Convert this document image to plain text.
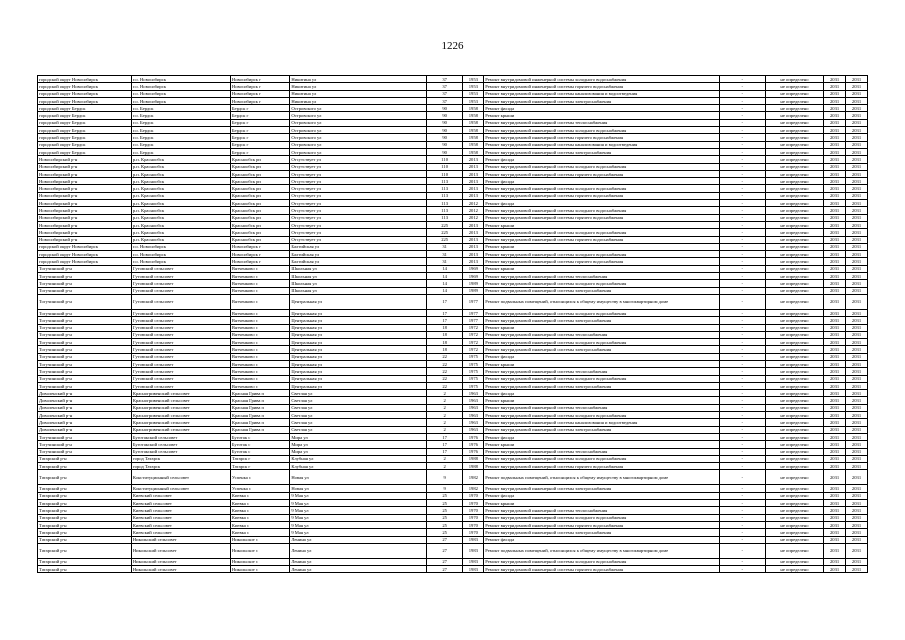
1226
городской округ Новосибирск	г.о. Новосибирск	Новосибирск г	Никитина ул	37	1953	Ремонт внутридомовой инженерной системы холодного водоснабжения	-	не определено	2031	2031
городской округ Новосибирск	г.о. Новосибирск	Новосибирск г	Никитина ул	37	1953	Ремонт внутридомовой инженерной системы горячего водоснабжения	-	не определено	2031	2031
городской округ Новосибирск	г.о. Новосибирск	Новосибирск г	Никитина ул	37	1953	Ремонт внутридомовой инженерной системы канализования и водоотведения	-	не определено	2031	2031
городской округ Новосибирск	г.о. Новосибирск	Новосибирск г	Никитина ул	37	1953	Ремонт внутридомовой инженерной системы электроснабжения	-	не определено	2031	2031
городской округ Бердск	г.о. Бердск	Бердск г	Островского ул	90	1958	Ремонт фасада	-	не определено	2031	2031
городской округ Бердск	г.о. Бердск	Бердск г	Островского ул	90	1958	Ремонт крыши	-	не определено	2031	2031
городской округ Бердск	г.о. Бердск	Бердск г	Островского ул	90	1958	Ремонт внутридомовой инженерной системы теплоснабжения	-	не определено	2031	2031
городской округ Бердск	г.о. Бердск	Бердск г	Островского ул	90	1958	Ремонт внутридомовой инженерной системы холодного водоснабжения	-	не определено	2031	2031
городской округ Бердск	г.о. Бердск	Бердск г	Островского ул	90	1958	Ремонт внутридомовой инженерной системы горячего водоснабжения	-	не определено	2031	2031
городской округ Бердск	г.о. Бердск	Бердск г	Островского ул	90	1958	Ремонт внутридомовой инженерной системы канализования и водоотведения	-	не определено	2031	2031
городской округ Бердск	г.о. Бердск	Бердск г	Островского ул	90	1958	Ремонт внутридомовой инженерной системы электроснабжения	-	не определено	2031	2031
Новосибирский р-н	р.п. Краснообск	Краснообск рп	Отсутствует ул	110	2013	Ремонт фасада	-	не определено	2031	2031
Новосибирский р-н	р.п. Краснообск	Краснообск рп	Отсутствует ул	110	2013	Ремонт внутридомовой инженерной системы холодного водоснабжения	-	не определено	2031	2031
Новосибирский р-н	р.п. Краснообск	Краснообск рп	Отсутствует ул	110	2013	Ремонт внутридомовой инженерной системы горячего водоснабжения	-	не определено	2031	2031
Новосибирский р-н	р.п. Краснообск	Краснообск рп	Отсутствует ул	113	2013	Ремонт фасада	-	не определено	2031	2031
Новосибирский р-н	р.п. Краснообск	Краснообск рп	Отсутствует ул	113	2013	Ремонт внутридомовой инженерной системы холодного водоснабжения	-	не определено	2031	2031
Новосибирский р-н	р.п. Краснообск	Краснообск рп	Отсутствует ул	113	2013	Ремонт внутридомовой инженерной системы горячего водоснабжения	-	не определено	2031	2031
Новосибирский р-н	р.п. Краснообск	Краснообск рп	Отсутствует ул	113	2012	Ремонт фасада	-	не определено	2031	2031
Новосибирский р-н	р.п. Краснообск	Краснообск рп	Отсутствует ул	113	2012	Ремонт внутридомовой инженерной системы холодного водоснабжения	-	не определено	2031	2031
Новосибирский р-н	р.п. Краснообск	Краснообск рп	Отсутствует ул	113	2012	Ремонт внутридомовой инженерной системы горячего водоснабжения	-	не определено	2031	2031
Новосибирский р-н	р.п. Краснообск	Краснообск рп	Отсутствует ул	225	2013	Ремонт крыши	-	не определено	2031	2031
Новосибирский р-н	р.п. Краснообск	Краснообск рп	Отсутствует ул	225	2013	Ремонт внутридомовой инженерной системы холодного водоснабжения	-	не определено	2031	2031
Новосибирский р-н	р.п. Краснообск	Краснообск рп	Отсутствует ул	225	2013	Ремонт внутридомовой инженерной системы горячего водоснабжения	-	не определено	2031	2031
городской округ Новосибирск	г.о. Новосибирск	Новосибирск г	Балтийская ул	31	2013	Ремонт крыши	-	не определено	2031	2031
городской округ Новосибирск	г.о. Новосибирск	Новосибирск г	Балтийская ул	31	2013	Ремонт внутридомовой инженерной системы холодного водоснабжения	-	не определено	2031	2031
городской округ Новосибирск	г.о. Новосибирск	Новосибирск г	Балтийская ул	31	2013	Ремонт внутридомовой инженерной системы горячего водоснабжения	-	не определено	2031	2031
Тогучинский р-н	Гутовский сельсовет	Вятченково с	Школьная ул	14	1969	Ремонт крыши	-	не определено	2031	2031
Тогучинский р-н	Гутовский сельсовет	Вятченково с	Школьная ул	14	1969	Ремонт внутридомовой инженерной системы теплоснабжения	-	не определено	2031	2031
Тогучинский р-н	Гутовский сельсовет	Вятченково с	Школьная ул	14	1989	Ремонт внутридомовой инженерной системы холодного водоснабжения	-	не определено	2031	2031
Тогучинский р-н	Гутовский сельсовет	Вятченково с	Школьная ул	14	1989	Ремонт внутридомовой инженерной системы электроснабжения	-	не определено	2031	2031
Тогучинский р-н	Гутовский сельсовет	Вятченково с	Центральная ул	17	1977	Ремонт подвальных помещений, относящихся к общему имуществу в многоквартирном доме	-	не определено	2031	2031
Тогучинский р-н	Гутовский сельсовет	Вятченково с	Центральная ул	17	1977	Ремонт внутридомовой инженерной системы холодного водоснабжения	-	не определено	2031	2031
Тогучинский р-н	Гутовский сельсовет	Вятченково с	Центральная ул	17	1977	Ремонт внутридомовой инженерной системы электроснабжения	-	не определено	2031	2031
Тогучинский р-н	Гутовский сельсовет	Вятченково с	Центральная ул	18	1972	Ремонт крыши	-	не определено	2031	2031
Тогучинский р-н	Гутовский сельсовет	Вятченково с	Центральная ул	18	1972	Ремонт внутридомовой инженерной системы теплоснабжения	-	не определено	2031	2031
Тогучинский р-н	Гутовский сельсовет	Вятченково с	Центральная ул	18	1972	Ремонт внутридомовой инженерной системы холодного водоснабжения	-	не определено	2031	2031
Тогучинский р-н	Гутовский сельсовет	Вятченково с	Центральная ул	18	1972	Ремонт внутридомовой инженерной системы электроснабжения	-	не определено	2031	2031
Тогучинский р-н	Гутовский сельсовет	Вятченково с	Центральная ул	22	1975	Ремонт фасада	-	не определено	2031	2031
Тогучинский р-н	Гутовский сельсовет	Вятченково с	Центральная ул	22	1975	Ремонт крыши	-	не определено	2031	2031
Тогучинский р-н	Гутовский сельсовет	Вятченково с	Центральная ул	22	1975	Ремонт внутридомовой инженерной системы теплоснабжения	-	не определено	2031	2031
Тогучинский р-н	Гутовский сельсовет	Вятченково с	Центральная ул	22	1975	Ремонт внутридомовой инженерной системы холодного водоснабжения	-	не определено	2031	2031
Тогучинский р-н	Гутовский сельсовет	Вятченково с	Центральная ул	22	1975	Ремонт внутридомовой инженерной системы электроснабжения	-	не определено	2031	2031
Доволенский р-н	Красногривенский сельсовет	Красная Грива п	Светлая ул	2	1963	Ремонт фасада	-	не определено	2031	2031
Доволенский р-н	Красногривенский сельсовет	Красная Грива п	Светлая ул	2	1963	Ремонт крыши	-	не определено	2031	2031
Доволенский р-н	Красногривенский сельсовет	Красная Грива п	Светлая ул	2	1963	Ремонт внутридомовой инженерной системы теплоснабжения	-	не определено	2031	2031
Доволенский р-н	Красногривенский сельсовет	Красная Грива п	Светлая ул	2	1963	Ремонт внутридомовой инженерной системы холодного водоснабжения	-	не определено	2031	2031
Доволенский р-н	Красногривенский сельсовет	Красная Грива п	Светлая ул	2	1963	Ремонт внутридомовой инженерной системы канализования и водоотведения	-	не определено	2031	2031
Доволенский р-н	Красногривенский сельсовет	Красная Грива п	Светлая ул	2	1963	Ремонт внутридомовой инженерной системы электроснабжения	-	не определено	2031	2031
Тогучинский р-н	Буготакский сельсовет	Буготак с	Мира ул	17	1976	Ремонт фасада	-	не определено	2031	2031
Тогучинский р-н	Буготакский сельсовет	Буготак с	Мира ул	17	1976	Ремонт крыши	-	не определено	2031	2031
Тогучинский р-н	Буготакский сельсовет	Буготак с	Мира ул	17	1976	Ремонт внутридомовой инженерной системы теплоснабжения	-	не определено	2031	2031
Татарский р-н	город Татарск	Татарск г	Клубная ул	2	1988	Ремонт внутридомовой инженерной системы холодного водоснабжения	-	не определено	2031	2031
Татарский р-н	город Татарск	Татарск г	Клубная ул	2	1988	Ремонт внутридомовой инженерной системы горячего водоснабжения	-	не определено	2031	2031
Татарский р-н	Конституционный сельсовет	Успенка с	Новая ул	9	1982	Ремонт подвальных помещений, относящихся к общему имуществу в многоквартирном доме	-	не определено	2031	2031
Татарский р-н	Конституционный сельсовет	Успенка с	Новая ул	9	1982	Ремонт внутридомовой инженерной системы электроснабжения	-	не определено	2031	2031
Татарский р-н	Киевский сельсовет	Киевка с	9 Мая ул	25	1970	Ремонт фасада	-	не определено	2031	2031
Татарский р-н	Киевский сельсовет	Киевка с	9 Мая ул	25	1970	Ремонт крыши	-	не определено	2031	2031
Татарский р-н	Киевский сельсовет	Киевка с	9 Мая ул	25	1970	Ремонт внутридомовой инженерной системы теплоснабжения	-	не определено	2031	2031
Татарский р-н	Киевский сельсовет	Киевка с	9 Мая ул	25	1970	Ремонт внутридомовой инженерной системы холодного водоснабжения	-	не определено	2031	2031
Татарский р-н	Киевский сельсовет	Киевка с	9 Мая ул	25	1970	Ремонт внутридомовой инженерной системы горячего водоснабжения	-	не определено	2031	2031
Татарский р-н	Киевский сельсовет	Киевка с	9 Мая ул	25	1970	Ремонт внутридомовой инженерной системы электроснабжения	-	не определено	2031	2031
Татарский р-н	Никольский сельсовет	Никольское с	Ленина ул	27	1983	Ремонт фасада	-	не определено	2031	2031
Татарский р-н	Никольский сельсовет	Никольское с	Ленина ул	27	1983	Ремонт подвальных помещений, относящихся к общему имуществу в многоквартирном доме	-	не определено	2031	2031
Татарский р-н	Никольский сельсовет	Никольское с	Ленина ул	27	1983	Ремонт внутридомовой инженерной системы холодного водоснабжения	-	не определено	2031	2031
Татарский р-н	Никольский сельсовет	Никольское с	Ленина ул	27	1983	Ремонт внутридомовой инженерной системы горячего водоснабжения	-	не определено	2031	2031
